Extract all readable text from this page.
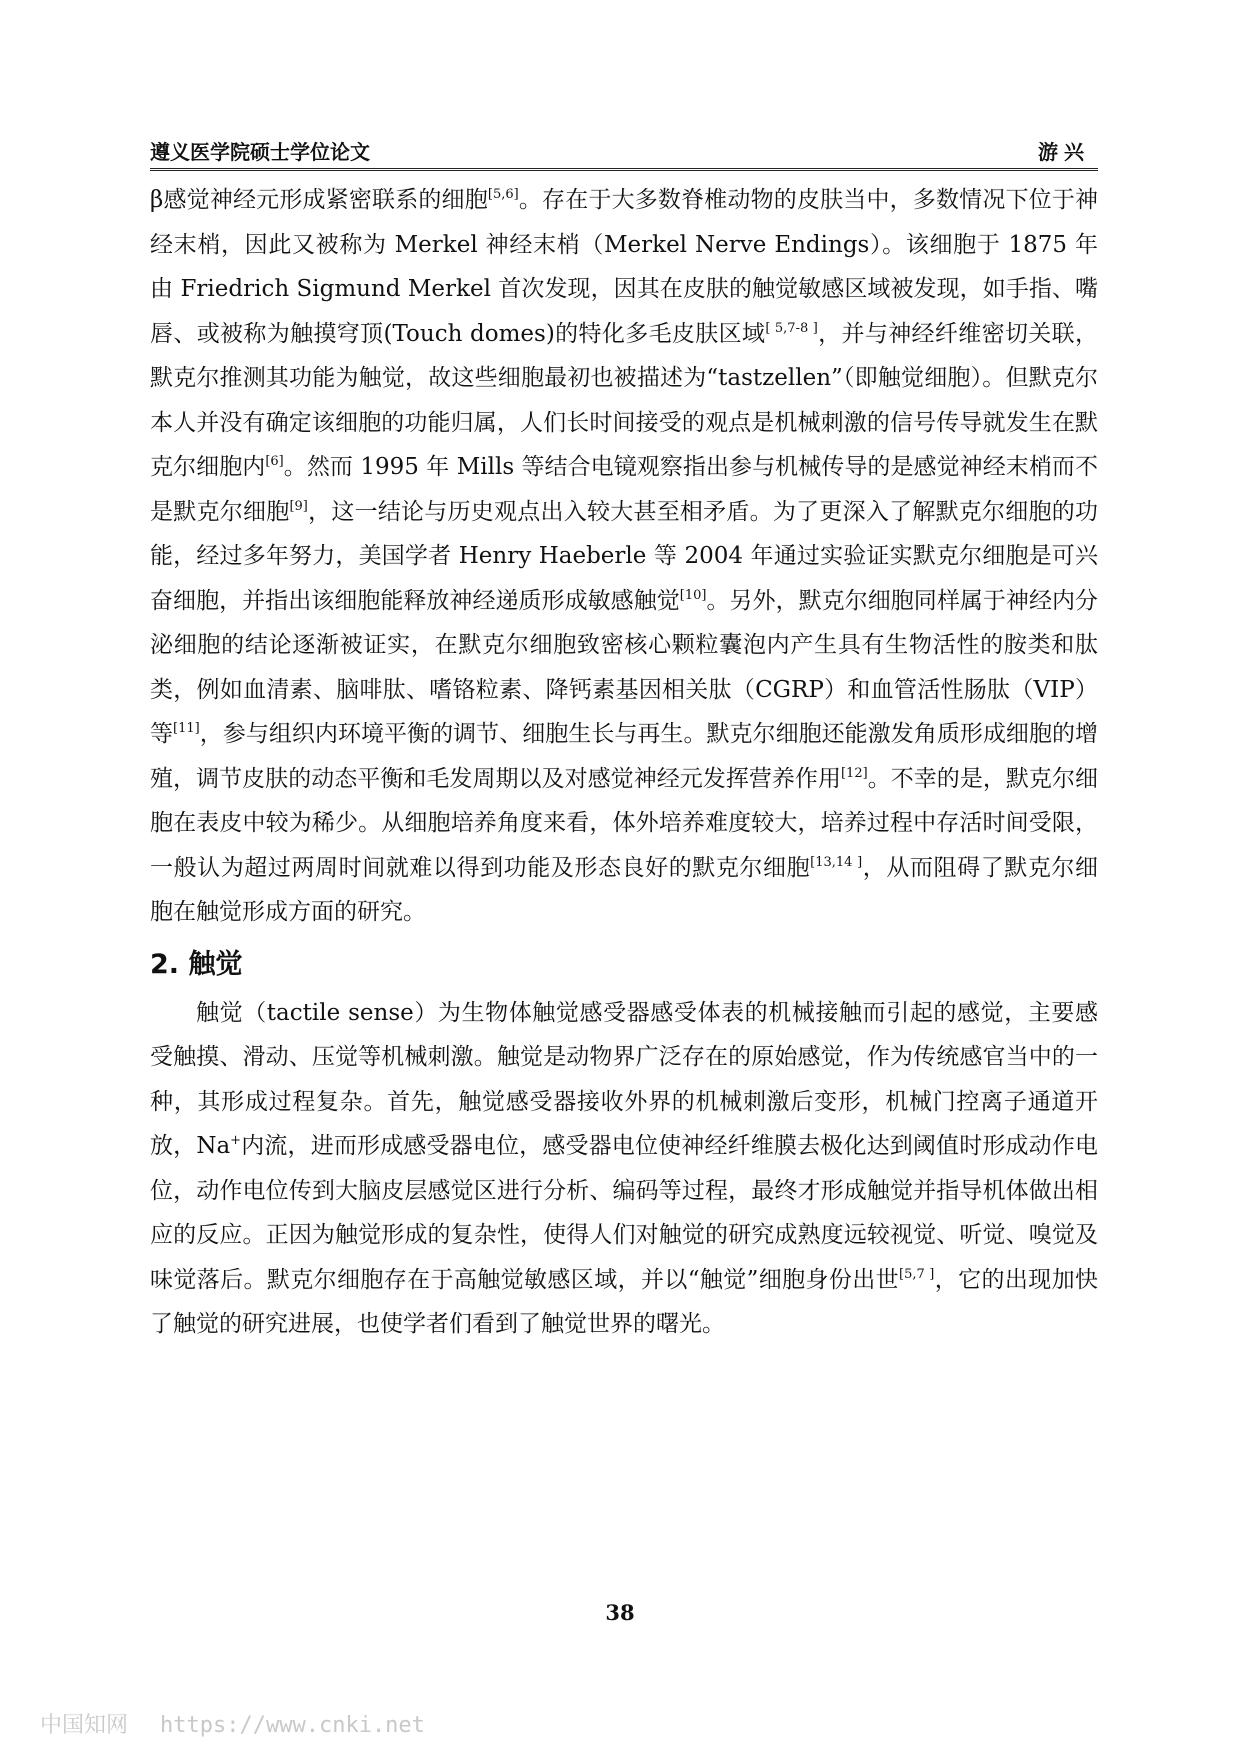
遵义医学院硕士学位论文	游兴

β感觉神经元形成紧密联系的细胞[5,6]。存在于大多数脊椎动物的皮肤当中，多数情况下位于神经末梢，因此又被称为 Merkel 神经末梢（Merkel Nerve Endings）。该细胞于 1875 年由 Friedrich Sigmund Merkel 首次发现，因其在皮肤的触觉敏感区域被发现，如手指、嘴唇、或被称为触摸穹顶(Touch domes)的特化多毛皮肤区域[ 5,7-8 ]，并与神经纤维密切关联，默克尔推测其功能为触觉，故这些细胞最初也被描述为“tastzellen”（即触觉细胞）。但默克尔本人并没有确定该细胞的功能归属，人们长时间接受的观点是机械刺激的信号传导就发生在默克尔细胞内[6]。然而 1995 年 Mills 等结合电镜观察指出参与机械传导的是感觉神经末梢而不是默克尔细胞[9]，这一结论与历史观点出入较大甚至相矛盾。为了更深入了解默克尔细胞的功能，经过多年努力，美国学者 Henry Haeberle 等 2004 年通过实验证实默克尔细胞是可兴奋细胞，并指出该细胞能释放神经递质形成敏感触觉[10]。另外，默克尔细胞同样属于神经内分泌细胞的结论逐渐被证实，在默克尔细胞致密核心颗粒囊泡内产生具有生物活性的胺类和肽类，例如血清素、脑啡肽、嗜铬粒素、降钙素基因相关肽（CGRP）和血管活性肠肽（VIP）等[11]，参与组织内环境平衡的调节、细胞生长与再生。默克尔细胞还能激发角质形成细胞的增殖，调节皮肤的动态平衡和毛发周期以及对感觉神经元发挥营养作用[12]。不幸的是，默克尔细胞在表皮中较为稀少。从细胞培养角度来看，体外培养难度较大，培养过程中存活时间受限，一般认为超过两周时间就难以得到功能及形态良好的默克尔细胞[13,14 ]，从而阻碍了默克尔细胞在触觉形成方面的研究。

2. 触觉

触觉（tactile sense）为生物体触觉感受器感受体表的机械接触而引起的感觉，主要感受触摸、滑动、压觉等机械刺激。触觉是动物界广泛存在的原始感觉，作为传统感官当中的一种，其形成过程复杂。首先，触觉感受器接收外界的机械刺激后变形，机械门控离子通道开放，Na+内流，进而形成感受器电位，感受器电位使神经纤维膜去极化达到阈值时形成动作电位，动作电位传到大脑皮层感觉区进行分析、编码等过程，最终才形成触觉并指导机体做出相应的反应。正因为触觉形成的复杂性，使得人们对触觉的研究成熟度远较视觉、听觉、嗅觉及味觉落后。默克尔细胞存在于高触觉敏感区域，并以“触觉”细胞身份出世[5,7 ]，它的出现加快了触觉的研究进展，也使学者们看到了触觉世界的曙光。

38
中国知网 https://www.cnki.net
